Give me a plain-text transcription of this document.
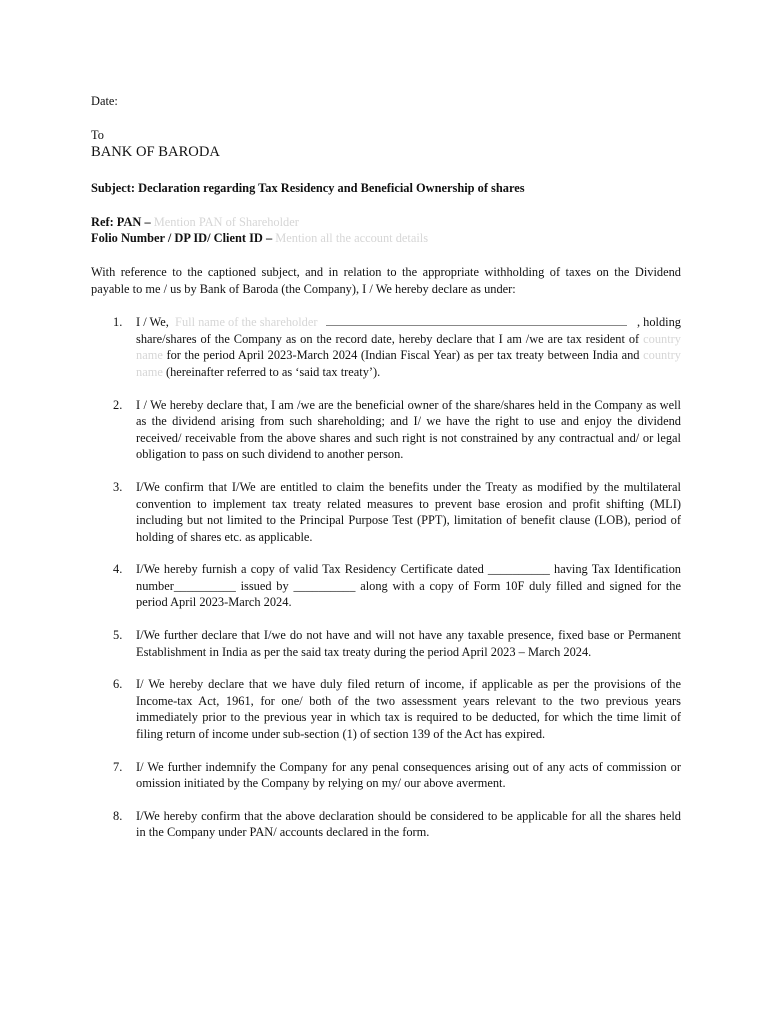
Date:
To
BANK OF BARODA
Subject: Declaration regarding Tax Residency and Beneficial Ownership of shares
Ref: PAN – Mention PAN of Shareholder
Folio Number / DP ID/ Client ID – Mention all the account details
With reference to the captioned subject, and in relation to the appropriate withholding of taxes on the Dividend payable to me / us by Bank of Baroda (the Company), I / We hereby declare as under:
1. I / We,
Full name of the shareholder	, holding
share/shares of the Company as on the record date, hereby declare that I am /we are tax resident of country name for the period April 2023-March 2024 (Indian Fiscal Year) as per tax treaty between India and country name (hereinafter referred to as ‘said tax treaty’).
2. I / We hereby declare that, I am /we are the beneficial owner of the share/shares held in the Company as well as the dividend arising from such shareholding; and I/ we have the right to use and enjoy the dividend received/ receivable from the above shares and such right is not constrained by any contractual and/ or legal obligation to pass on such dividend to another person.
3. I/We confirm that I/We are entitled to claim the benefits under the Treaty as modified by the multilateral convention to implement tax treaty related measures to prevent base erosion and profit shifting (MLI) including but not limited to the Principal Purpose Test (PPT), limitation of benefit clause (LOB), period of holding of shares etc. as applicable.
4. I/We hereby furnish a copy of valid Tax Residency Certificate dated __________ having Tax Identification number__________ issued by __________ along with a copy of Form 10F duly filled and signed for the period April 2023-March 2024.
5. I/We further declare that I/we do not have and will not have any taxable presence, fixed base or Permanent Establishment in India as per the said tax treaty during the period April 2023 – March 2024.
6. I/ We hereby declare that we have duly filed return of income, if applicable as per the provisions of the Income-tax Act, 1961, for one/ both of the two assessment years relevant to the two previous years immediately prior to the previous year in which tax is required to be deducted, for which the time limit of filing return of income under sub-section (1) of section 139 of the Act has expired.
7. I/ We further indemnify the Company for any penal consequences arising out of any acts of commission or omission initiated by the Company by relying on my/ our above averment.
8. I/We hereby confirm that the above declaration should be considered to be applicable for all the shares held in the Company under PAN/ accounts declared in the form.
